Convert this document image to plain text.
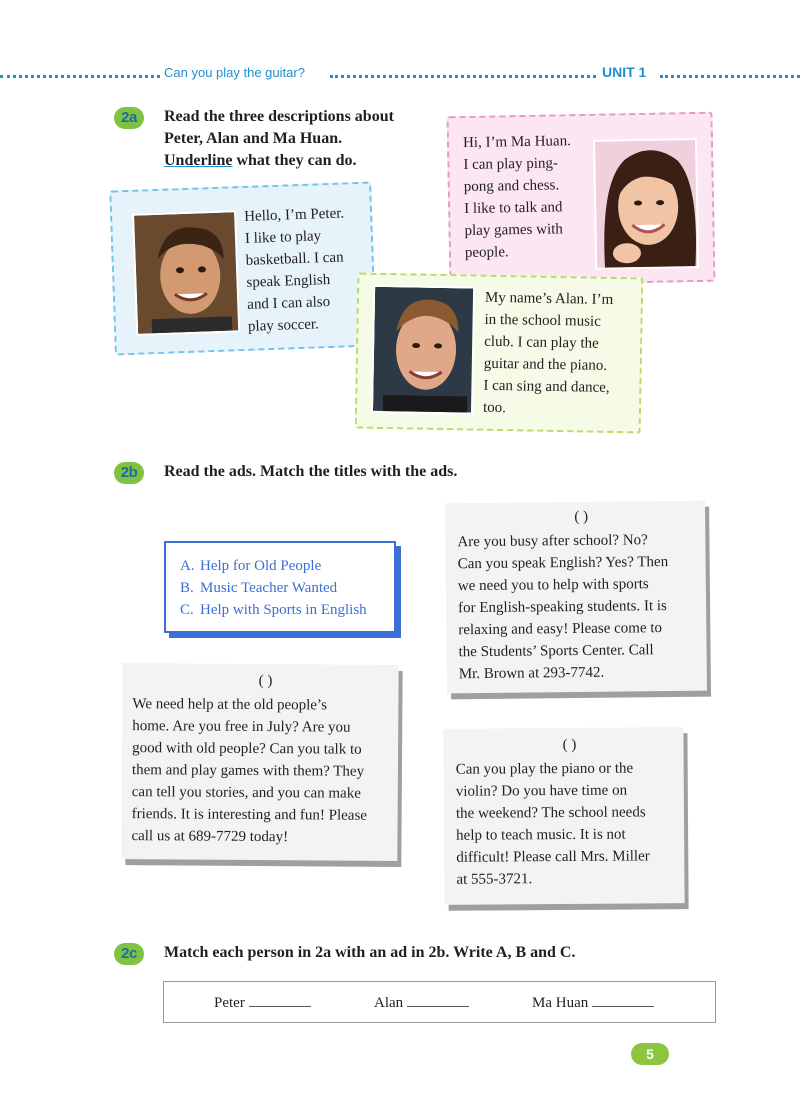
Can you play the guitar?	UNIT 1
2a	Read the three descriptions about
Peter, Alan and Ma Huan.
Underline what they can do.
Hello, I’m Peter.
I like to play
basketball. I can
speak English
and I can also
play soccer.
Hi, I’m Ma Huan.
I can play ping-
pong and chess.
I like to talk and
play games with
people.
My name’s Alan. I’m
in the school music
club. I can play the
guitar and the piano.
I can sing and dance,
too.
2b	Read the ads. Match the titles with the ads.
A. Help for Old People
B. Music Teacher Wanted
C. Help with Sports in English
( )
Are you busy after school? No?
Can you speak English? Yes? Then
we need you to help with sports
for English-speaking students. It is
relaxing and easy! Please come to
the Students’ Sports Center. Call
Mr. Brown at 293-7742.
( )
We need help at the old people’s
home. Are you free in July? Are you
good with old people? Can you talk to
them and play games with them? They
can tell you stories, and you can make
friends. It is interesting and fun! Please
call us at 689-7729 today!
( )
Can you play the piano or the
violin? Do you have time on
the weekend? The school needs
help to teach music. It is not
difficult! Please call Mrs. Miller
at 555-3721.
2c	Match each person in 2a with an ad in 2b. Write A, B and C.
Peter	Alan	Ma Huan
5
